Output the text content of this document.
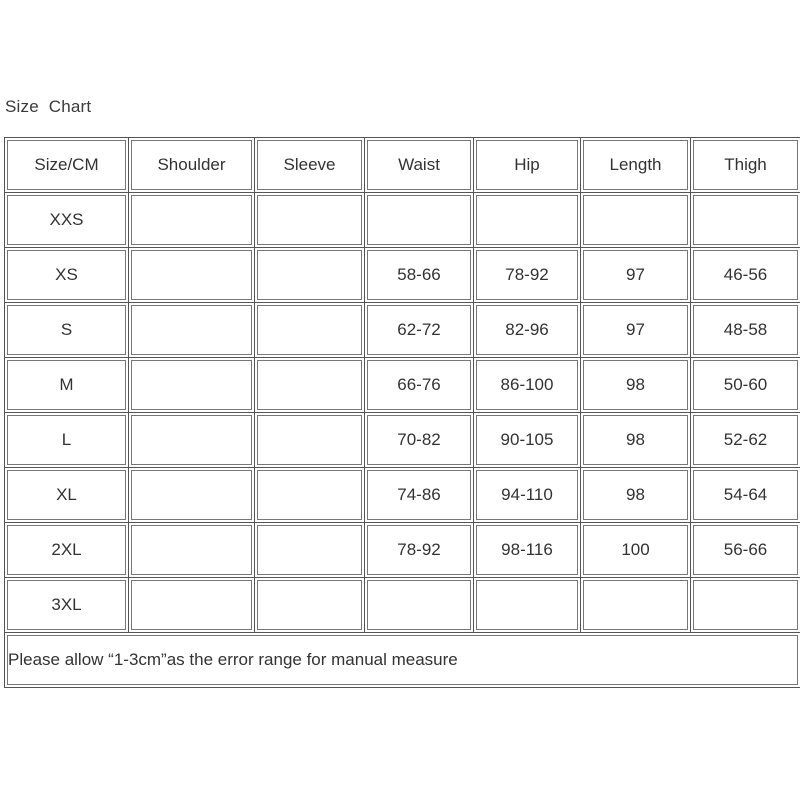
Size  Chart
Size/CM	Shoulder	Sleeve	Waist	Hip	Length	Thigh
XXS						
XS			58-66	78-92	97	46-56
S			62-72	82-96	97	48-58
M			66-76	86-100	98	50-60
L			70-82	90-105	98	52-62
XL			74-86	94-110	98	54-64
2XL			78-92	98-116	100	56-66
3XL						
Please allow “1-3cm”as the error range for manual measure						
